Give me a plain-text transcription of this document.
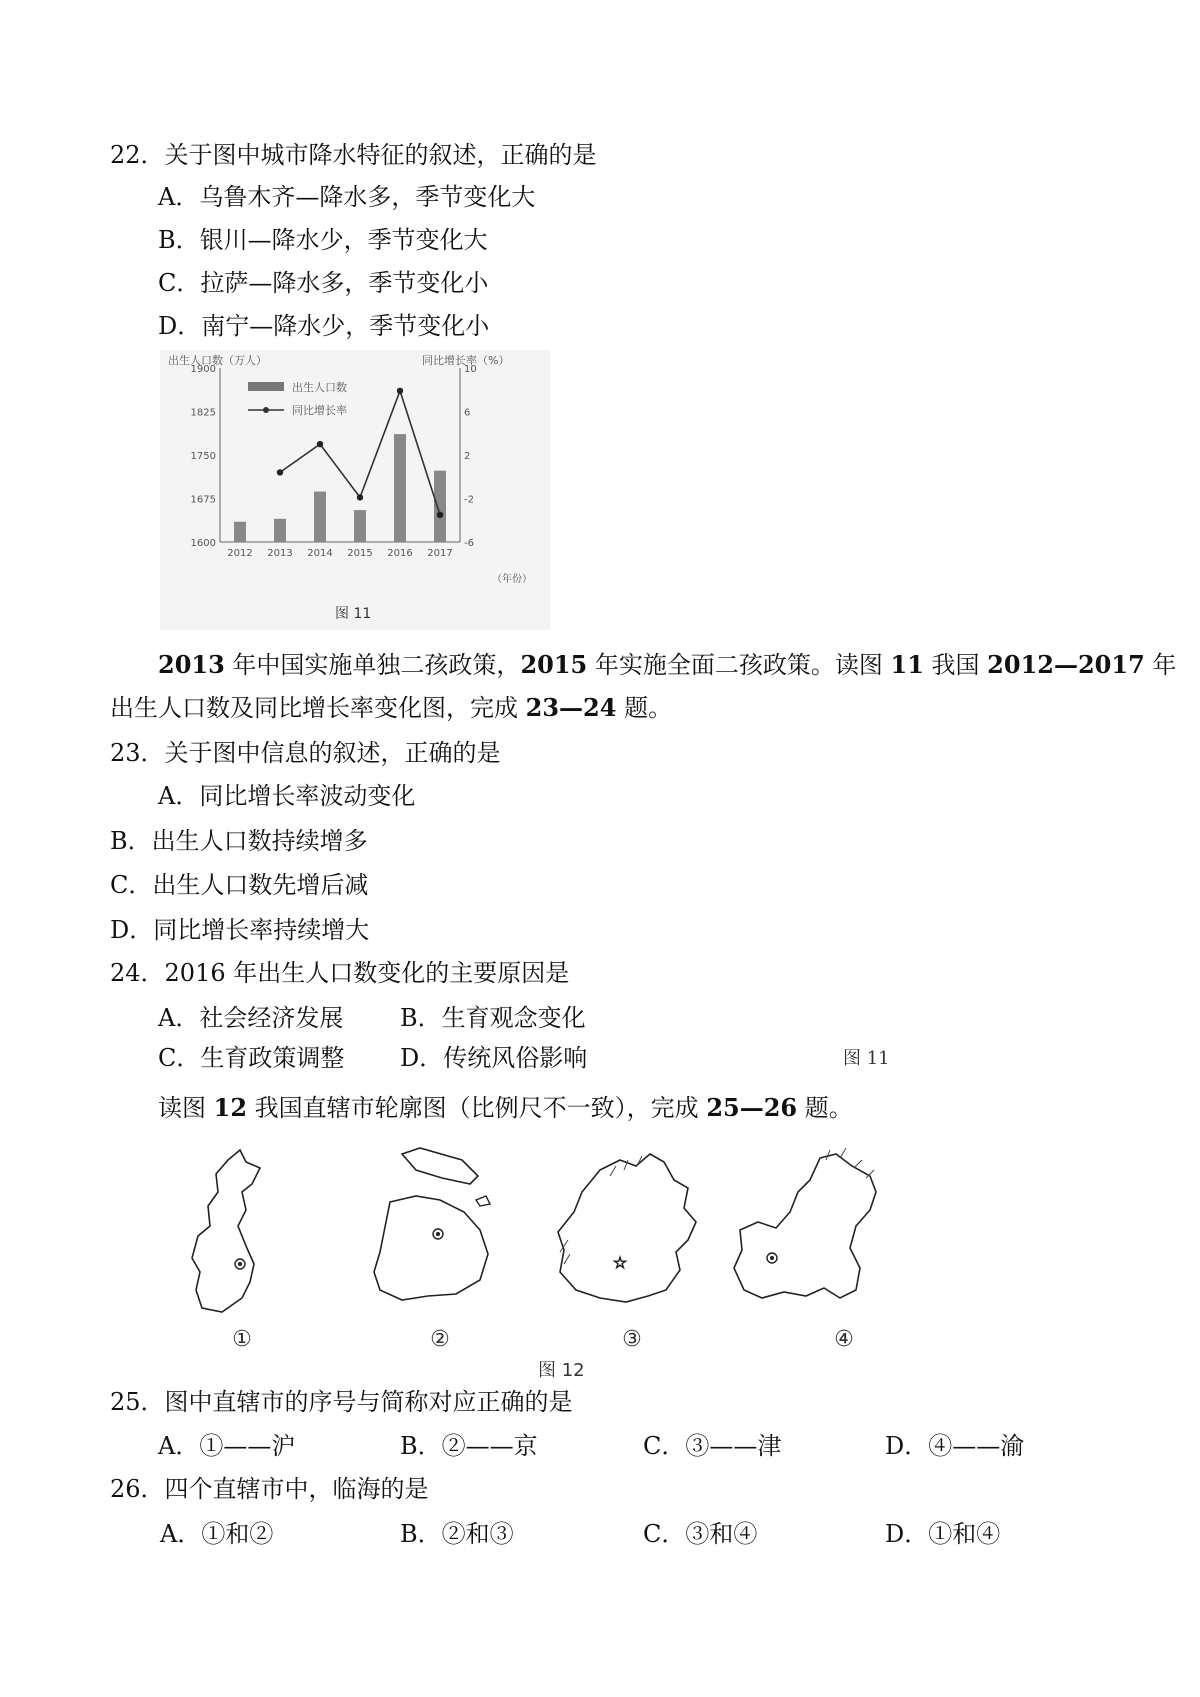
22．关于图中城市降水特征的叙述，正确的是
A．乌鲁木齐—降水多，季节变化大
B．银川—降水少，季节变化大
C．拉萨—降水多，季节变化小
D．南宁—降水少，季节变化小
出生人口数（万人）	同比增长率（%）
1600
1675
1750
1825
1900
-6
-2
2
6
10
2012 2013 2014 2015 2016 2017
出生人口数
同比增长率
（年份）
图 11
2013 年中国实施单独二孩政策，2015 年实施全面二孩政策。读图 11 我国 2012—2017 年
出生人口数及同比增长率变化图，完成 23—24 题。
23．关于图中信息的叙述，正确的是
A．同比增长率波动变化
B．出生人口数持续增多
C．出生人口数先增后减
D．同比增长率持续增大
24．2016 年出生人口数变化的主要原因是
A．社会经济发展 B．生育观念变化
C．生育政策调整 D．传统风俗影响	图 11
读图 12 我国直辖市轮廓图（比例尺不一致），完成 25—26 题。
☆
①	②	③	④
图 12
25．图中直辖市的序号与简称对应正确的是
A．①——沪	B．②——京	C．③——津	D．④——渝
26．四个直辖市中，临海的是
A．①和②	B．②和③	C．③和④	D．①和④
